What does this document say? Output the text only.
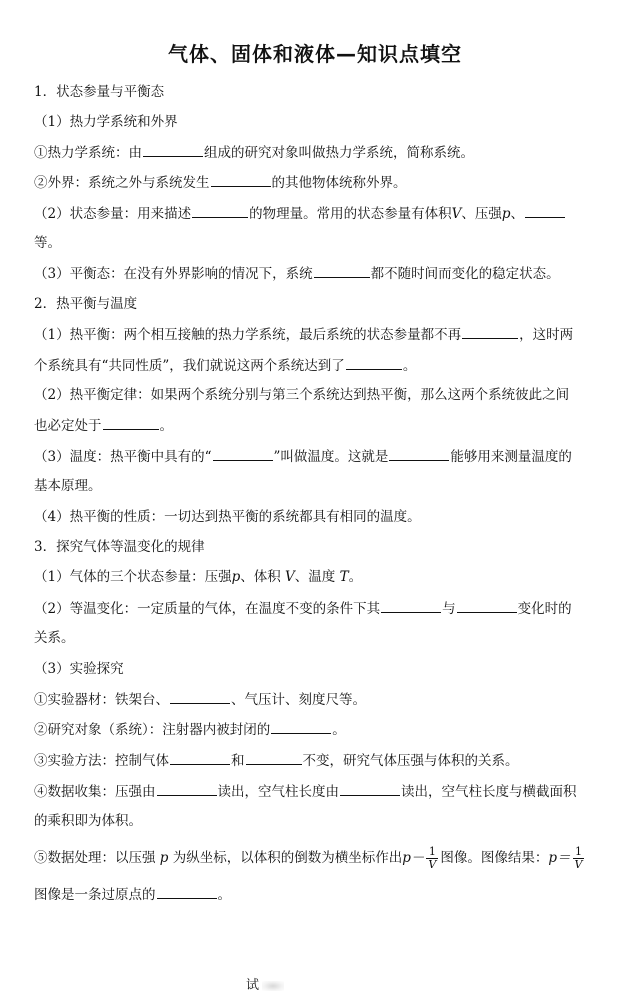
气体、固体和液体—知识点填空
1．状态参量与平衡态
（1）热力学系统和外界
①热力学系统：由	组成的研究对象叫做热力学系统，简称系统。
②外界：系统之外与系统发生	的其他物体统称外界。
（2）状态参量：用来描述	的物理量。常用的状态参量有体积V、压强p、
等。
（3）平衡态：在没有外界影响的情况下，系统	都不随时间而变化的稳定状态。
2．热平衡与温度
（1）热平衡：两个相互接触的热力学系统，最后系统的状态参量都不再	，这时两
个系统具有“共同性质”，我们就说这两个系统达到了	。
（2）热平衡定律：如果两个系统分别与第三个系统达到热平衡，那么这两个系统彼此之间
也必定处于	。
（3）温度：热平衡中具有的“	”叫做温度。这就是	能够用来测量温度的
基本原理。
（4）热平衡的性质：一切达到热平衡的系统都具有相同的温度。
3．探究气体等温变化的规律
（1）气体的三个状态参量：压强p、体积 V、温度 T。
（2）等温变化：一定质量的气体，在温度不变的条件下其	与	变化时的
关系。
（3）实验探究
①实验器材：铁架台、	、气压计、刻度尺等。
②研究对象（系统）：注射器内被封闭的	。
③实验方法：控制气体	和	不变，研究气体压强与体积的关系。
④数据收集：压强由	读出，空气柱长度由	读出，空气柱长度与横截面积
的乘积即为体积。
⑤数据处理：以压强 p 为纵坐标，以体积的倒数为横坐标作出$p- \frac{1}{V}$ 图像。图像结果：$p= \frac{1}{V}$
图像是一条过原点的	。
试
